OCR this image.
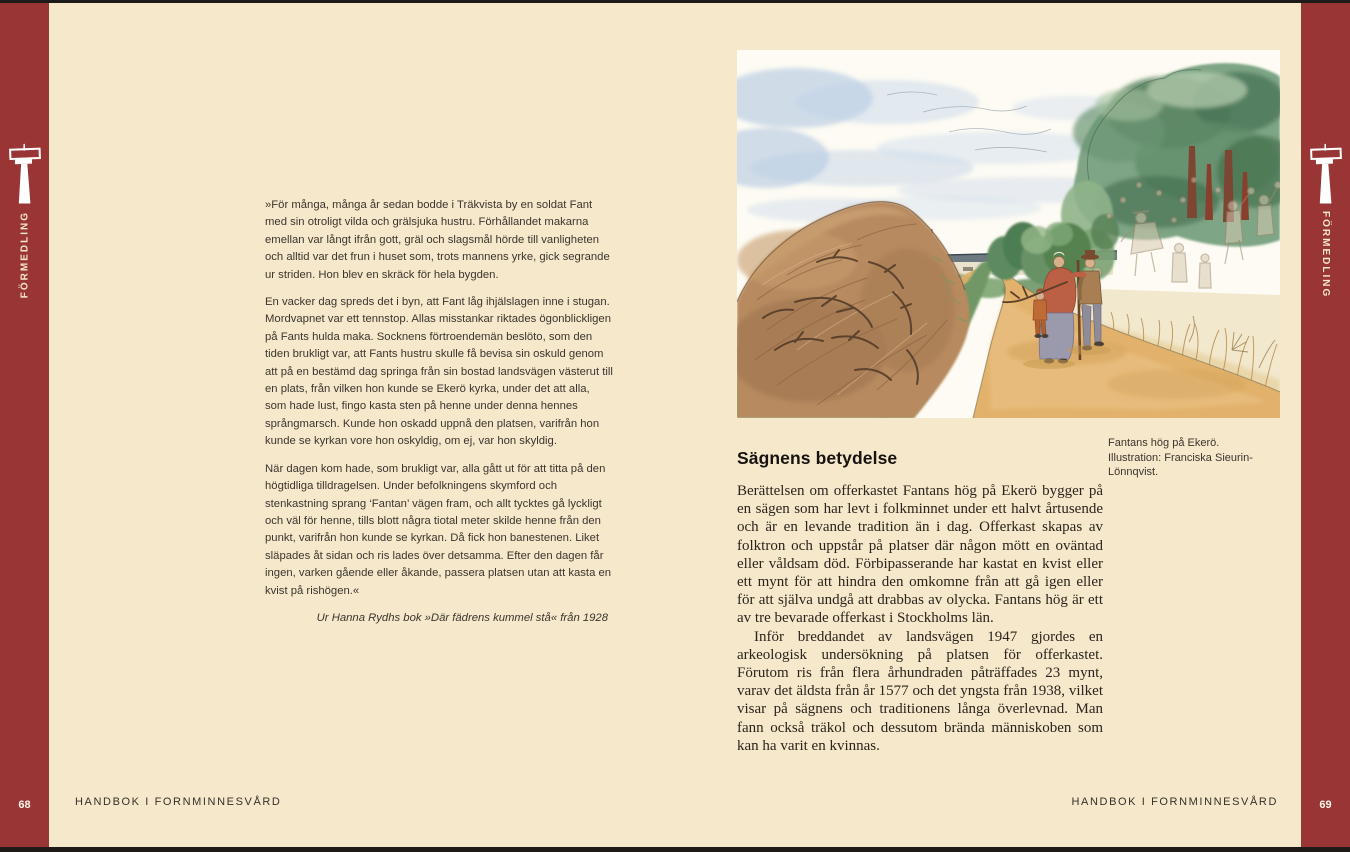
FÖRMEDLING
68
FÖRMEDLING
69
HANDBOK I FORNMINNESVÅRD	HANDBOK I FORNMINNESVÅRD

»För många, många år sedan bodde i Träkvista by en soldat Fant med sin otroligt vilda och grälsjuka hustru. Förhållandet makarna emellan var långt ifrån gott, gräl och slagsmål hörde till vanligheten och alltid var det frun i huset som, trots mannens yrke, gick segrande ur striden. Hon blev en skräck för hela bygden.

En vacker dag spreds det i byn, att Fant låg ihjälslagen inne i stugan. Mordvapnet var ett tennstop. Allas misstankar riktades ögonblickligen på Fants hulda maka. Socknens förtroendemän beslöto, som den tiden brukligt var, att Fants hustru skulle få bevisa sin oskuld genom att på en bestämd dag springa från sin bostad landsvägen västerut till en plats, från vilken hon kunde se Ekerö kyrka, under det att alla, som hade lust, fingo kasta sten på henne under denna hennes språngmarsch. Kunde hon oskadd uppnå den platsen, varifrån hon kunde se kyrkan vore hon oskyldig, om ej, var hon skyldig.

När dagen kom hade, som brukligt var, alla gått ut för att titta på den högtidliga tilldragelsen. Under befolkningens skymford och stenkastning sprang ‘Fantan’ vägen fram, och allt tycktes gå lyckligt och väl för henne, tills blott några tiotal meter skilde henne från den punkt, varifrån hon kunde se kyrkan. Då fick hon banestenen. Liket släpades åt sidan och ris lades över detsamma. Efter den dagen får ingen, varken gående eller åkande, passera platsen utan att kasta en kvist på rishögen.«

Ur Hanna Rydhs bok »Där fädrens kummel stå« från 1928
Fantans hög på Ekerö. Illustration: Franciska Sieurin-Lönnqvist.
Sägnens betydelse

Berättelsen om offerkastet Fantans hög på Ekerö bygger på en sägen som har levt i folkminnet under ett halvt årtusende och är en levande tradition än i dag. Offerkast skapas av folktron och uppstår på platser där någon mött en oväntad eller våldsam död. Förbipasserande har kastat en kvist eller ett mynt för att hindra den omkomne från att gå igen eller för att själva undgå att drabbas av olycka. Fantans hög är ett av tre bevarade offerkast i Stockholms län.

Inför breddandet av landsvägen 1947 gjordes en arkeologisk undersökning på platsen för offerkastet. Förutom ris från flera århundraden påträffades 23 mynt, varav det äldsta från år 1577 och det yngsta från 1938, vilket visar på sägnens och traditionens långa överlevnad. Man fann också träkol och dessutom brända människoben som kan ha varit en kvinnas.
